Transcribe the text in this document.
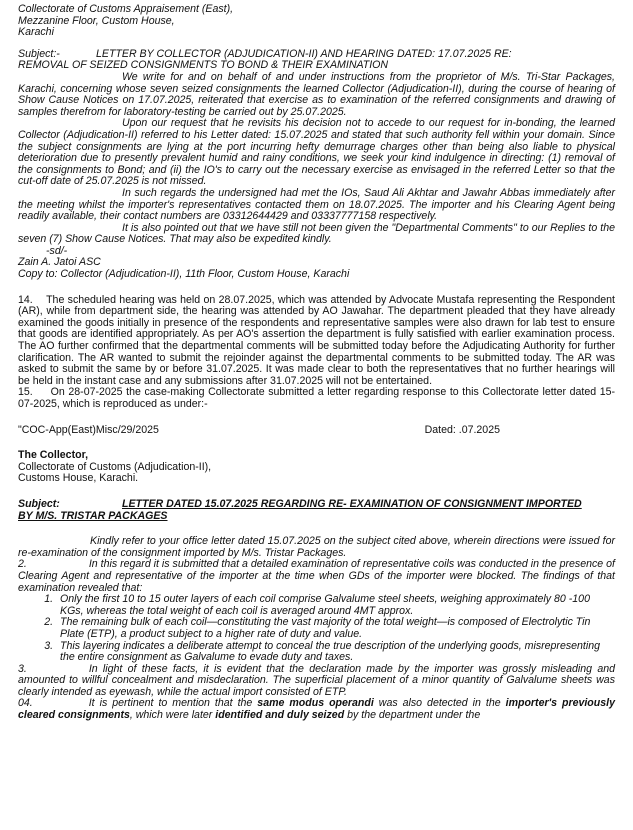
Collectorate of Customs Appraisement (East),
Mezzanine Floor, Custom House,
Karachi
Subject:-	LETTER BY COLLECTOR (ADJUDICATION-II) AND HEARING DATED: 17.07.2025 RE:
REMOVAL OF SEIZED CONSIGNMENTS TO BOND & THEIR EXAMINATION

We write for and on behalf of and under instructions from the proprietor of M/s. Tri-Star Packages, Karachi, concerning whose seven seized consignments the learned Collector (Adjudication-II), during the course of hearing of Show Cause Notices on 17.07.2025, reiterated that exercise as to examination of the referred consignments and drawing of samples therefrom for laboratory-testing be carried out by 25.07.2025.

Upon our request that he revisits his decision not to accede to our request for in-bonding, the learned Collector (Adjudication-II) referred to his Letter dated: 15.07.2025 and stated that such authority fell within your domain. Since the subject consignments are lying at the port incurring hefty demurrage charges other than being also liable to physical deterioration due to presently prevalent humid and rainy conditions, we seek your kind indulgence in directing: (1) removal of the consignments to Bond; and (ii) the IO's to carry out the necessary exercise as envisaged in the referred Letter so that the cut-off date of 25.07.2025 is not missed.

In such regards the undersigned had met the IOs, Saud Ali Akhtar and Jawahr Abbas immediately after the meeting whilst the importer's representatives contacted them on 18.07.2025. The importer and his Clearing Agent being readily available, their contact numbers are 03312644429 and 03337777158 respectively.

It is also pointed out that we have still not been given the "Departmental Comments" to our Replies to the seven (7) Show Cause Notices. That may also be expedited kindly.

-sd/-
Zain A. Jatoi ASC
Copy to: Collector (Adjudication-II), 11th Floor, Custom House, Karachi

14. The scheduled hearing was held on 28.07.2025, which was attended by Advocate Mustafa representing the Respondent (AR), while from department side, the hearing was attended by AO Jawahar. The department pleaded that they have already examined the goods initially in presence of the respondents and representative samples were also drawn for lab test to ensure that goods are identified appropriately. As per AO's assertion the department is fully satisfied with earlier examination process. The AO further confirmed that the departmental comments will be submitted today before the Adjudicating Authority for further clarification. The AR wanted to submit the rejoinder against the departmental comments to be submitted today. The AR was asked to submit the same by or before 31.07.2025. It was made clear to both the representatives that no further hearings will be held in the instant case and any submissions after 31.07.2025 will not be entertained.

15. On 28-07-2025 the case-making Collectorate submitted a letter regarding response to this Collectorate letter dated 15-07-2025, which is reproduced as under:-

"COC-App(East)Misc/29/2025	Dated: .07.2025
The Collector,
Collectorate of Customs (Adjudication-II),
Customs House, Karachi.
Subject:	LETTER DATED 15.07.2025 REGARDING RE- EXAMINATION OF CONSIGNMENT IMPORTED
BY M/S. TRISTAR PACKAGES

Kindly refer to your office letter dated 15.07.2025 on the subject cited above, wherein directions were issued for re-examination of the consignment imported by M/s. Tristar Packages.

2.	In this regard it is submitted that a detailed examination of representative coils was conducted in the presence of Clearing Agent and representative of the importer at the time when GDs of the importer were blocked. The findings of that examination revealed that:

1. Only the first 10 to 15 outer layers of each coil comprise Galvalume steel sheets, weighing approximately 80 -100 KGs, whereas the total weight of each coil is averaged around 4MT approx.
2. The remaining bulk of each coil—constituting the vast majority of the total weight—is composed of Electrolytic Tin Plate (ETP), a product subject to a higher rate of duty and value.
3. This layering indicates a deliberate attempt to conceal the true description of the underlying goods, misrepresenting the entire consignment as Galvalume to evade duty and taxes.

3.	In light of these facts, it is evident that the declaration made by the importer was grossly misleading and amounted to willful concealment and misdeclaration. The superficial placement of a minor quantity of Galvalume sheets was clearly intended as eyewash, while the actual import consisted of ETP.

04.	It is pertinent to mention that the same modus operandi was also detected in the importer's previously cleared consignments, which were later identified and duly seized by the department under the
